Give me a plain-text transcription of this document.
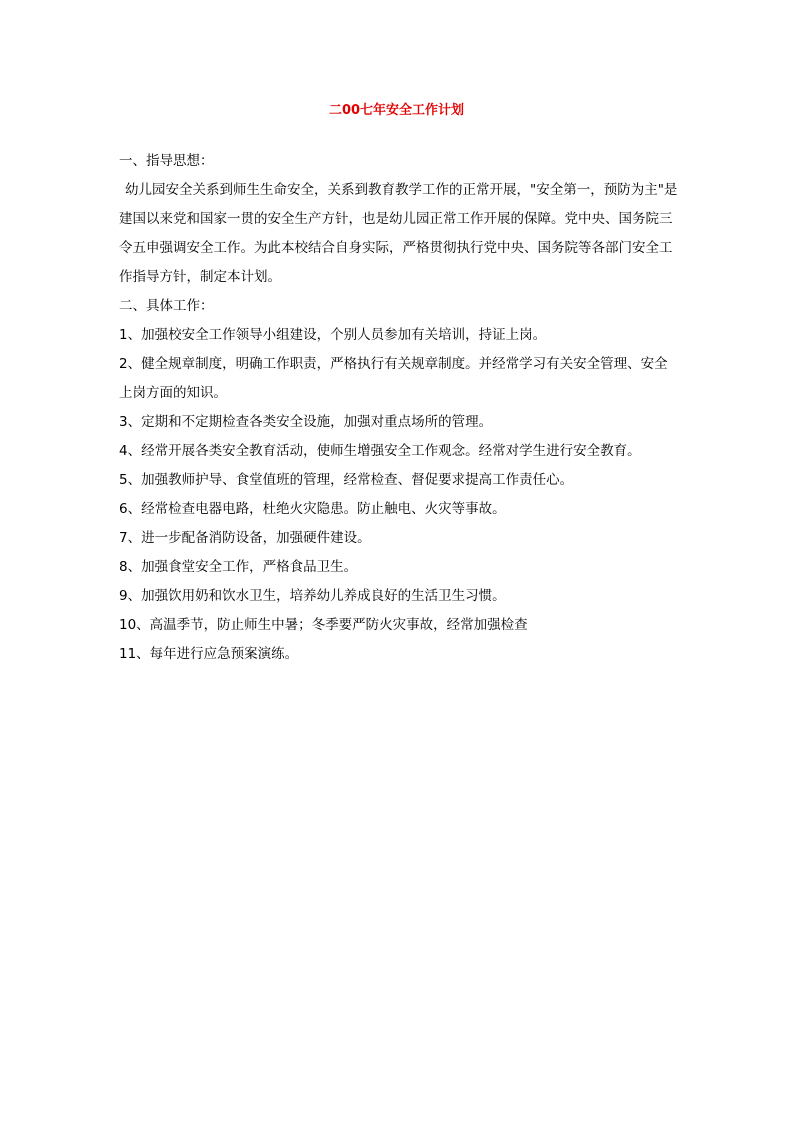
二00七年安全工作计划

一、指导思想：

幼儿园安全关系到师生生命安全，关系到教育教学工作的正常开展，"安全第一，预防为主"是建国以来党和国家一贯的安全生产方针，也是幼儿园正常工作开展的保障。党中央、国务院三令五申强调安全工作。为此本校结合自身实际，严格贯彻执行党中央、国务院等各部门安全工作指导方针，制定本计划。

二、具体工作：

1、加强校安全工作领导小组建设，个别人员参加有关培训，持证上岗。

2、健全规章制度，明确工作职责，严格执行有关规章制度。并经常学习有关安全管理、安全上岗方面的知识。

3、定期和不定期检查各类安全设施，加强对重点场所的管理。

4、经常开展各类安全教育活动，使师生增强安全工作观念。经常对学生进行安全教育。

5、加强教师护导、食堂值班的管理，经常检查、督促要求提高工作责任心。

6、经常检查电器电路，杜绝火灾隐患。防止触电、火灾等事故。

7、进一步配备消防设备，加强硬件建设。

8、加强食堂安全工作，严格食品卫生。

9、加强饮用奶和饮水卫生，培养幼儿养成良好的生活卫生习惯。

10、高温季节，防止师生中暑；冬季要严防火灾事故，经常加强检查

11、每年进行应急预案演练。
